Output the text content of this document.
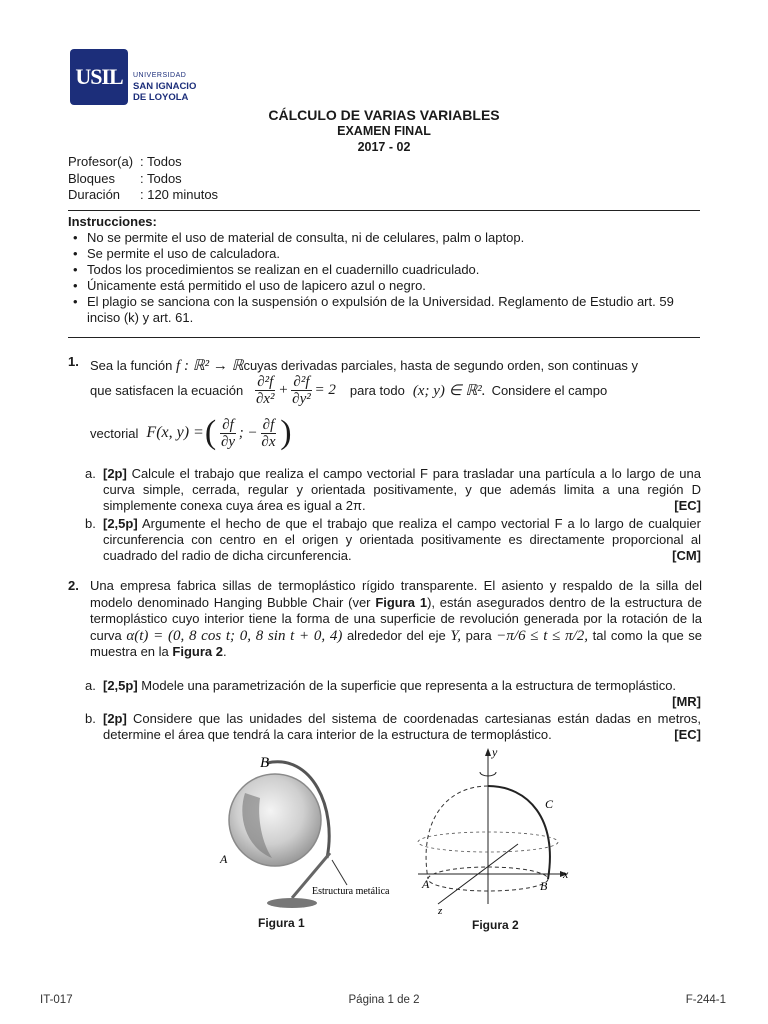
USIL UNIVERSIDAD
SAN IGNACIO
DE LOYOLA
CÁLCULO DE VARIAS VARIABLES
EXAMEN FINAL
2017 - 02
Profesor(a) : Todos
Bloques : Todos
Duración : 120 minutos
Instrucciones:
• No se permite el uso de material de consulta, ni de celulares, palm o laptop.
• Se permite el uso de calculadora.
• Todos los procedimientos se realizan en el cuadernillo cuadriculado.
• Únicamente está permitido el uso de lapicero azul o negro.
• El plagio se sanciona con la suspensión o expulsión de la Universidad. Reglamento de Estudio art. 59 inciso (k) y art. 61.
1. Sea la función f : ℝ² → ℝcuyas derivadas parciales, hasta de segundo orden, son continuas y
que satisfacen la ecuación $\frac{\text{∂²f}}{\text{∂x²}} + \frac{\text{∂²f}}{\text{∂y²}} = 2$ para todo (x; y) ∈ ℝ². Considere el campo
vectorial F(x, y) = ( $\frac{\partial f}{\partial y}$ ; − $\frac{\partial f}{\partial x}$ )
a. [2p] Calcule el trabajo que realiza el campo vectorial F para trasladar una partícula a lo largo de una curva simple, cerrada, regular y orientada positivamente, y que además limita a una región D simplemente conexa cuya área es igual a 2π.	[EC]
b. [2,5p] Argumente el hecho de que el trabajo que realiza el campo vectorial F a lo largo de cualquier circunferencia con centro en el origen y orientada positivamente es directamente proporcional al cuadrado del radio de dicha circunferencia.	[CM]
2. Una empresa fabrica sillas de termoplástico rígido transparente. El asiento y respaldo de la silla del modelo denominado Hanging Bubble Chair (ver Figura 1), están asegurados dentro de la estructura de termoplástico cuyo interior tiene la forma de una superficie de revolución generada por la rotación de la curva α(t) = (0, 8 cos t; 0, 8 sin t + 0, 4) alrededor del eje Y, para −π/6 ≤ t ≤ π/2, tal como la que se muestra en la Figura 2.
a. [2,5p] Modele una parametrización de la superficie que representa a la estructura de termoplástico.
[MR]
b. [2p] Considere que las unidades del sistema de coordenadas cartesianas están dadas en metros, determine el área que tendrá la cara interior de la estructura de termoplástico.	[EC]
B
A
Estructura metálica
Figura 1
y
x
z
C
A	B
Figura 2
IT-017	Página 1 de 2	F-244-1
